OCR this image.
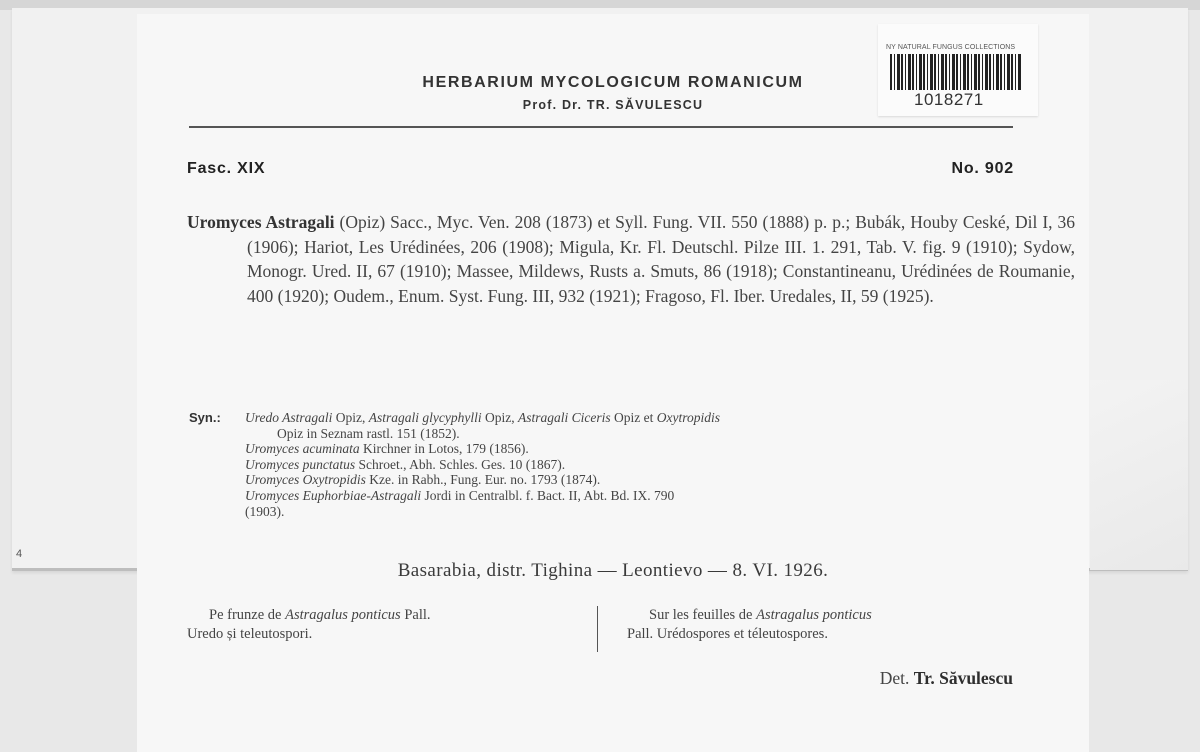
4
HERBARIUM MYCOLOGICUM ROMANICUM
Prof. Dr. TR. SĂVULESCU
Fasc. XIX	No. 902
Uromyces Astragali (Opiz) Sacc., Myc. Ven. 208 (1873) et Syll. Fung. VII. 550 (1888) p. p.; Bubák, Houby Ceské, Dil I, 36 (1906); Hariot, Les Urédinées, 206 (1908); Migula, Kr. Fl. Deutschl. Pilze III. 1. 291, Tab. V. fig. 9 (1910); Sydow, Monogr. Ured. II, 67 (1910); Massee, Mildews, Rusts a. Smuts, 86 (1918); Constantineanu, Urédinées de Roumanie, 400 (1920); Oudem., Enum. Syst. Fung. III, 932 (1921); Fragoso, Fl. Iber. Uredales, II, 59 (1925).
Syn.: Uredo Astragali Opiz, Astragali glycyphylli Opiz, Astragali Ciceris Opiz et Oxytropidis
Opiz in Seznam rastl. 151 (1852).
Uromyces acuminata Kirchner in Lotos, 179 (1856).
Uromyces punctatus Schroet., Abh. Schles. Ges. 10 (1867).
Uromyces Oxytropidis Kze. in Rabh., Fung. Eur. no. 1793 (1874).
Uromyces Euphorbiae-Astragali Jordi in Centralbl. f. Bact. II, Abt. Bd. IX. 790
(1903).
Basarabia, distr. Tighina — Leontievo — 8. VI. 1926.
Pe frunze de Astragalus ponticus Pall.
Uredo și teleutospori.
Sur les feuilles de Astragalus ponticus
Pall. Urédospores et téleutospores.
Det. Tr. Săvulescu
NY NATURAL FUNGUS COLLECTIONS
1018271
